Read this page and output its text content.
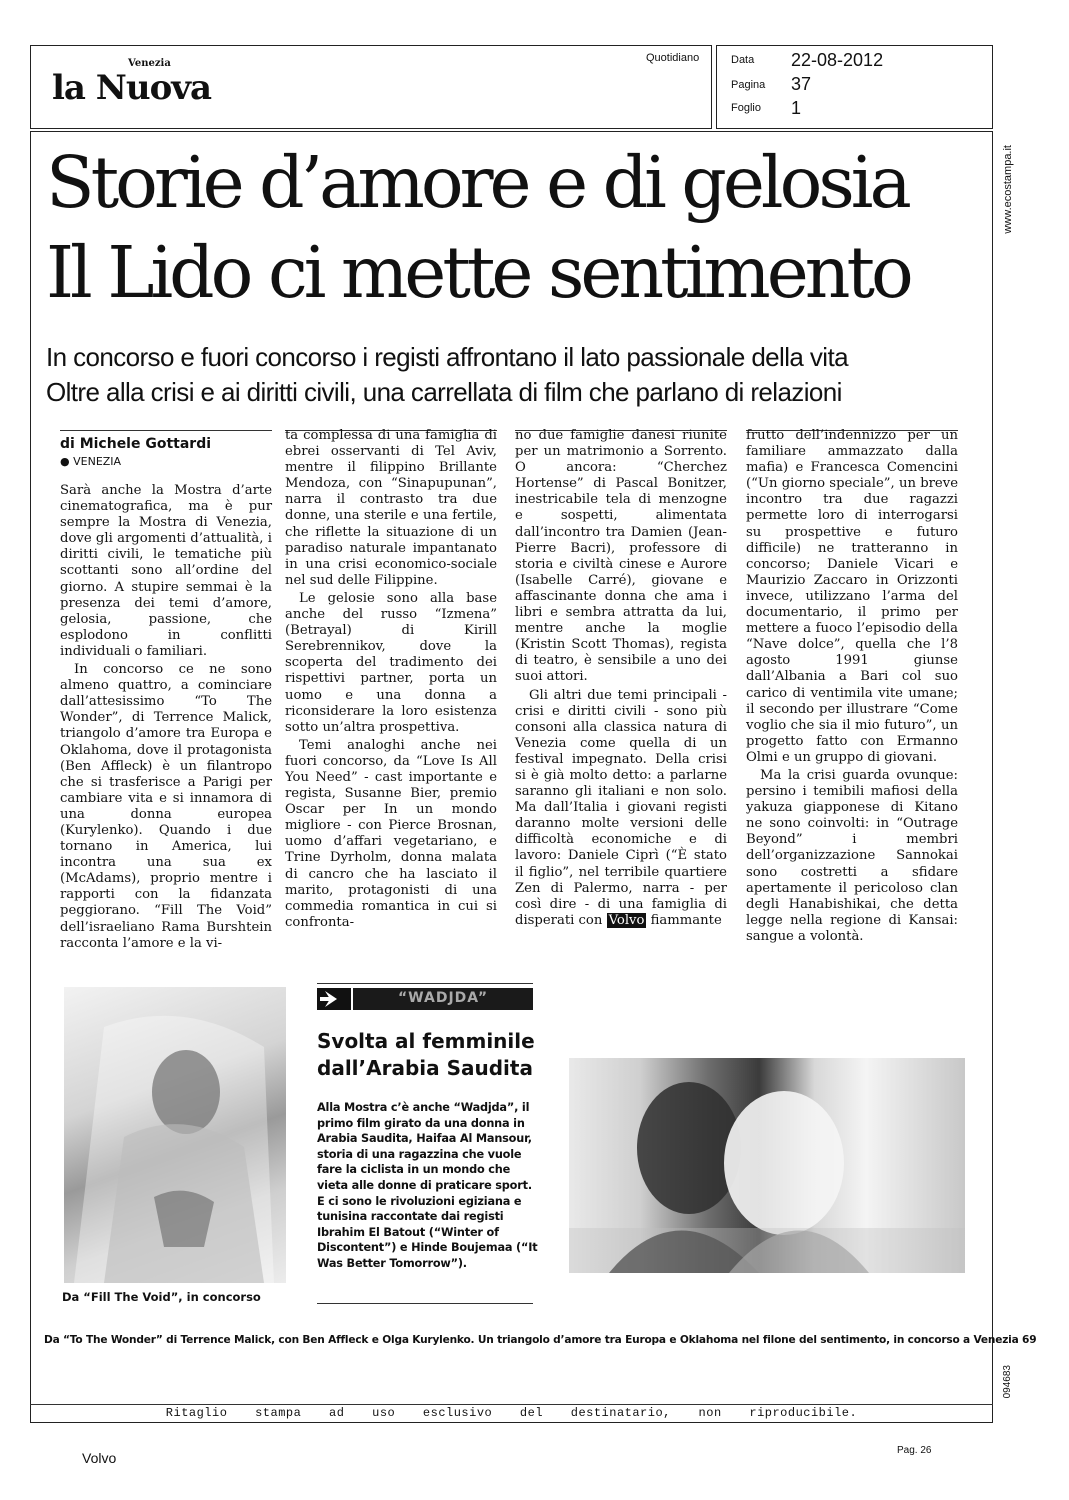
Venezia
la Nuova
Quotidiano	Data 22-08-2012
Pagina 37
Foglio 1
www.ecostampa.it
094683
Storie d’amore e di gelosia
Il Lido ci mette sentimento
In concorso e fuori concorso i registi affrontano il lato passionale della vita
Oltre alla crisi e ai diritti civili, una carrellata di film che parlano di relazioni
di Michele Gottardi
● VENEZIA

Sarà anche la Mostra d’arte cinematografica, ma è pur sempre la Mostra di Venezia, dove gli argomenti d’attualità, i diritti civili, le tematiche più scottanti sono all’ordine del giorno. A stupire semmai è la presenza dei temi d’amore, gelosia, passione, che esplodono in conflitti individuali o familiari.

In concorso ce ne sono almeno quattro, a cominciare dall’attesissimo “To The Wonder”, di Terrence Malick, triangolo d’amore tra Europa e Oklahoma, dove il protagonista (Ben Affleck) è un filantropo che si trasferisce a Parigi per cambiare vita e si innamora di una donna europea (Kurylenko). Quando i due tornano in America, lui incontra una sua ex (McAdams), proprio mentre i rapporti con la fidanzata peggiorano. “Fill The Void” dell’israeliano Rama Burshtein racconta l’amore e la vi-

ta complessa di una famiglia di ebrei osservanti di Tel Aviv, mentre il filippino Brillante Mendoza, con “Sinapupunan”, narra il contrasto tra due donne, una sterile e una fertile, che riflette la situazione di un paradiso naturale impantanato in una crisi economico-sociale nel sud delle Filippine.

Le gelosie sono alla base anche del russo “Izmena” (Betrayal) di Kirill Serebrennikov, dove la scoperta del tradimento dei rispettivi partner, porta un uomo e una donna a riconsiderare la loro esistenza sotto un’altra prospettiva.

Temi analoghi anche nei fuori concorso, da “Love Is All You Need” - cast importante e regista, Susanne Bier, premio Oscar per In un mondo migliore - con Pierce Brosnan, uomo d’affari vegetariano, e Trine Dyrholm, donna malata di cancro che ha lasciato il marito, protagonisti di una commedia romantica in cui si confronta-

no due famiglie danesi riunite per un matrimonio a Sorrento. O ancora: “Cherchez Hortense” di Pascal Bonitzer, inestricabile tela di menzogne e sospetti, alimentata dall’incontro tra Damien (Jean-Pierre Bacri), professore di storia e civiltà cinese e Aurore (Isabelle Carré), giovane e affascinante donna che ama i libri e sembra attratta da lui, mentre anche la moglie (Kristin Scott Thomas), regista di teatro, è sensibile a uno dei suoi attori.

Gli altri due temi principali - crisi e diritti civili - sono più consoni alla classica natura di Venezia come quella di un festival impegnato. Della crisi si è già molto detto: a parlarne saranno gli italiani e non solo. Ma dall’Italia i giovani registi daranno molte versioni delle difficoltà economiche e di lavoro: Daniele Ciprì (“È stato il figlio”, nel terribile quartiere Zen di Palermo, narra - per così dire - di una famiglia di disperati con Volvo fiammante

frutto dell’indennizzo per un familiare ammazzato dalla mafia) e Francesca Comencini (“Un giorno speciale”, un breve incontro tra due ragazzi permette loro di interrogarsi su prospettive e futuro difficile) ne tratteranno in concorso; Daniele Vicari e Maurizio Zaccaro in Orizzonti invece, utilizzano l’arma del documentario, il primo per mettere a fuoco l’episodio della “Nave dolce”, quella che l’8 agosto 1991 giunse dall’Albania a Bari col suo carico di ventimila vite umane; il secondo per illustrare “Come voglio che sia il mio futuro”, un progetto fatto con Ermanno Olmi e un gruppo di giovani.

Ma la crisi guarda ovunque: persino i temibili mafiosi della yakuza giapponese di Kitano ne sono coinvolti: in “Outrage Beyond” i membri dell’organizzazione Sannokai sono costretti a sfidare apertamente il pericoloso clan degli Hanabishikai, che detta legge nella regione di Kansai: sangue a volontà.

Da “Fill The Void”, in concorso
“WADJDA”
Svolta al femminile
dall’Arabia Saudita
Alla Mostra c’è anche “Wadjda”, il primo film girato da una donna in Arabia Saudita, Haifaa Al Mansour, storia di una ragazzina che vuole fare la ciclista in un mondo che vieta alle donne di praticare sport. E ci sono le rivoluzioni egiziana e tunisina raccontate dai registi Ibrahim El Batout (“Winter of Discontent”) e Hinde Boujemaa (“It Was Better Tomorrow”).
Da “To The Wonder” di Terrence Malick, con Ben Affleck e Olga Kurylenko. Un triangolo d’amore tra Europa e Oklahoma nel filone del sentimento, in concorso a Venezia 69
Ritaglio stampa ad uso esclusivo del destinatario, non riproducibile.
Volvo	Pag. 26
